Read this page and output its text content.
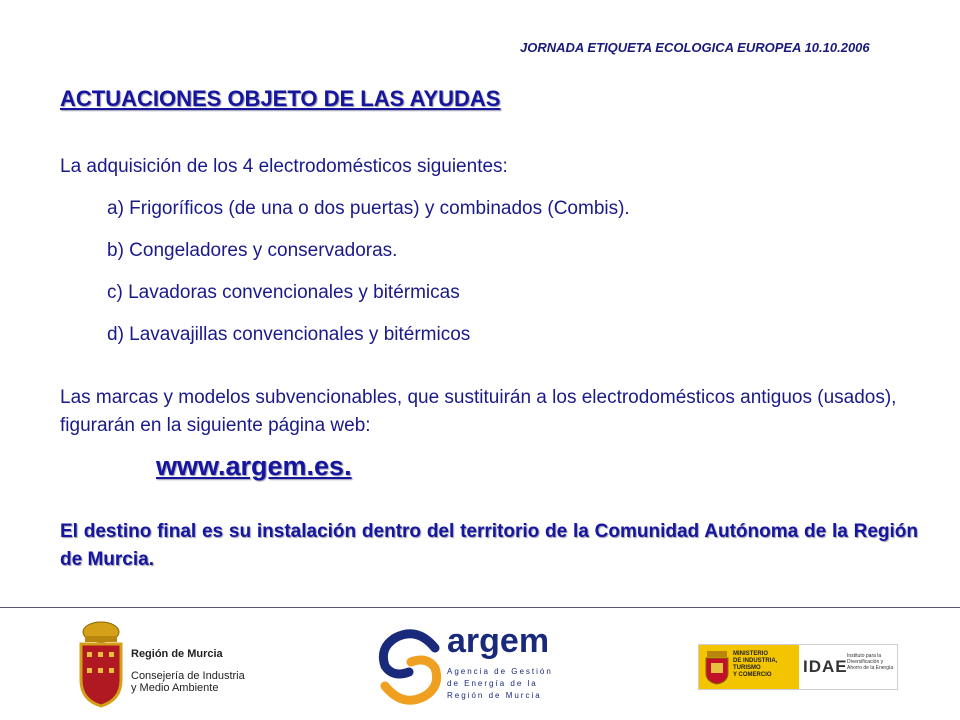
JORNADA ETIQUETA ECOLOGICA EUROPEA 10.10.2006
ACTUACIONES OBJETO DE LAS AYUDAS
La adquisición de los 4 electrodomésticos siguientes:
a) Frigoríficos (de una o dos puertas) y combinados (Combis).
b) Congeladores y conservadoras.
c) Lavadoras convencionales y bitérmicas
d) Lavavajillas convencionales y bitérmicos
Las marcas y modelos subvencionables, que sustituirán a los electrodomésticos antiguos (usados), figurarán en la siguiente página web:
www.argem.es.
El destino final es su instalación dentro del territorio de la Comunidad Autónoma de la Región de Murcia.
Región de Murcia
Consejería de Industria
y Medio Ambiente
argem
Agencia de Gestión
de Energía de la
Región de Murcia
MINISTERIO
DE INDUSTRIA, TURISMO
Y COMERCIO	IDAE
Instituto para la
Diversificación y
Ahorro de la Energía
